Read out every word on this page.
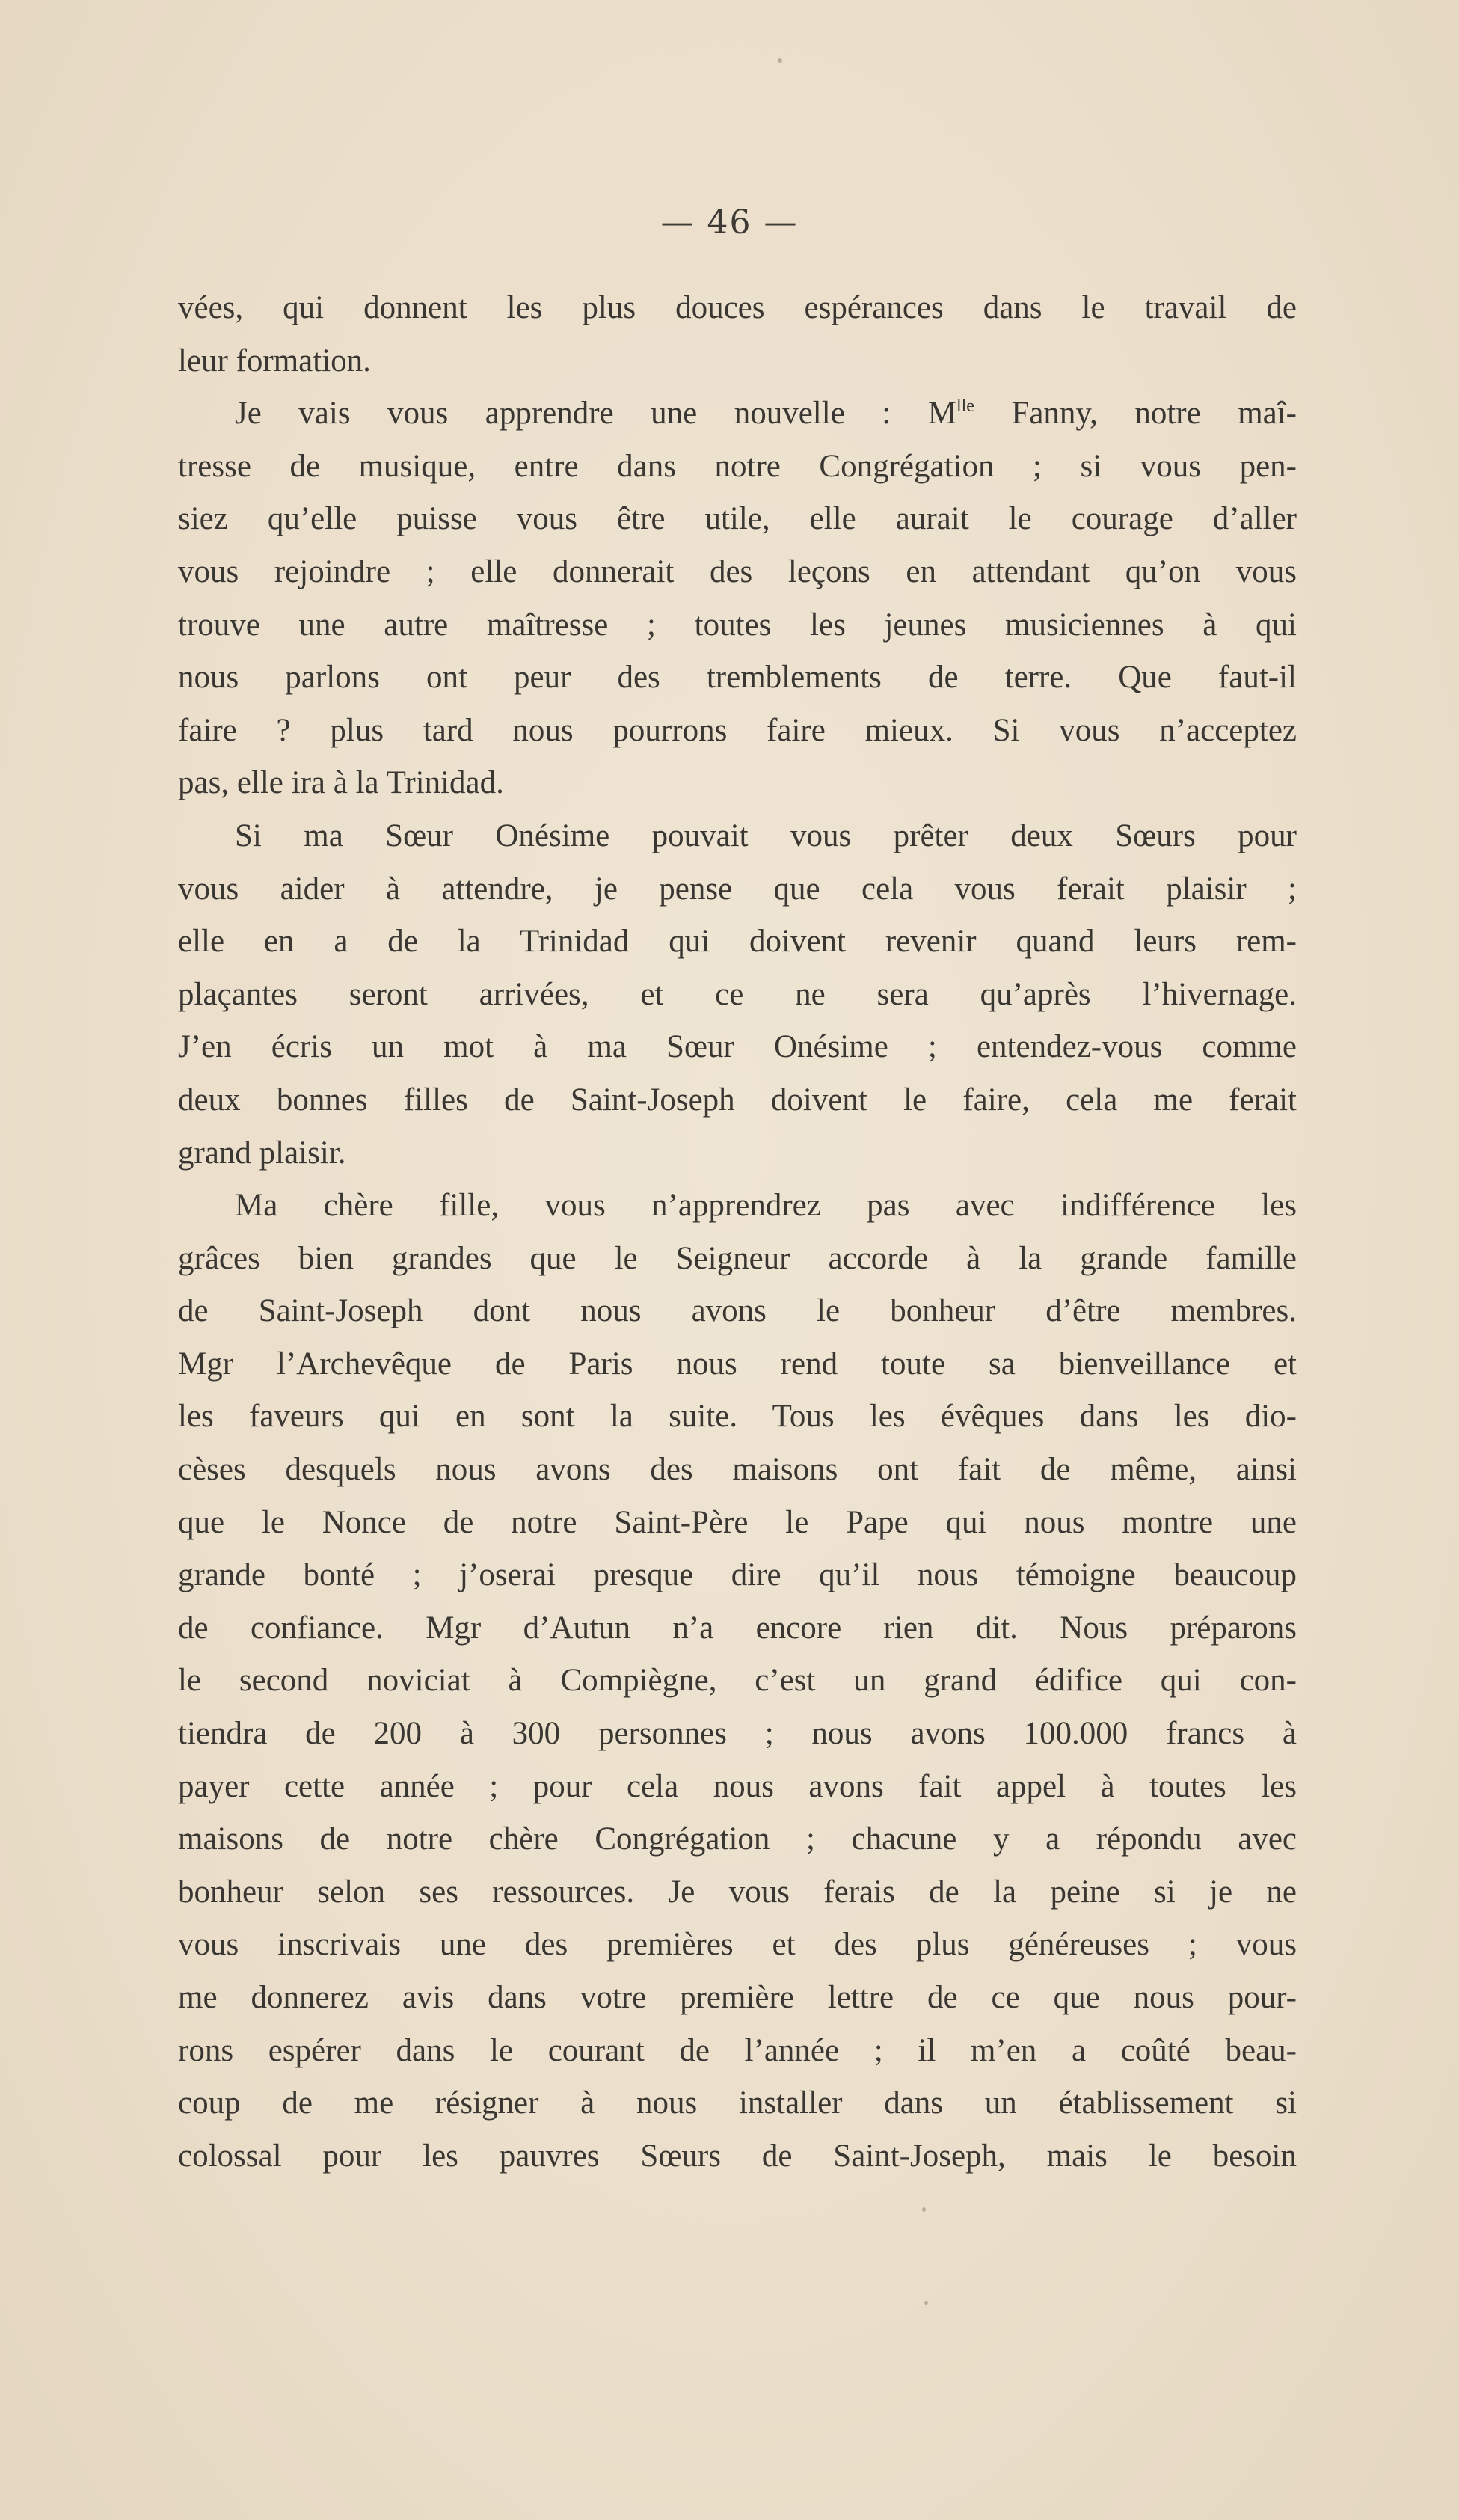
— 46 —
vées, qui donnent les plus douces espérances dans le travail de
leur formation.
Je vais vous apprendre une nouvelle : $M^{lle}$ Fanny, notre maî-
tresse de musique, entre dans notre Congrégation ; si vous pen-
siez qu’elle puisse vous être utile, elle aurait le courage d’aller
vous rejoindre ; elle donnerait des leçons en attendant qu’on vous
trouve une autre maîtresse ; toutes les jeunes musiciennes à qui
nous parlons ont peur des tremblements de terre. Que faut-il
faire ? plus tard nous pourrons faire mieux. Si vous n’acceptez
pas, elle ira à la Trinidad.
Si ma Sœur Onésime pouvait vous prêter deux Sœurs pour
vous aider à attendre, je pense que cela vous ferait plaisir ;
elle en a de la Trinidad qui doivent revenir quand leurs rem-
plaçantes seront arrivées, et ce ne sera qu’après l’hivernage.
J’en écris un mot à ma Sœur Onésime ; entendez-vous comme
deux bonnes filles de Saint-Joseph doivent le faire, cela me ferait
grand plaisir.
Ma chère fille, vous n’apprendrez pas avec indifférence les
grâces bien grandes que le Seigneur accorde à la grande famille
de Saint-Joseph dont nous avons le bonheur d’être membres.
Mgr l’Archevêque de Paris nous rend toute sa bienveillance et
les faveurs qui en sont la suite. Tous les évêques dans les dio-
cèses desquels nous avons des maisons ont fait de même, ainsi
que le Nonce de notre Saint-Père le Pape qui nous montre une
grande bonté ; j’oserai presque dire qu’il nous témoigne beaucoup
de confiance. Mgr d’Autun n’a encore rien dit. Nous préparons
le second noviciat à Compiègne, c’est un grand édifice qui con-
tiendra de 200 à 300 personnes ; nous avons 100.000 francs à
payer cette année ; pour cela nous avons fait appel à toutes les
maisons de notre chère Congrégation ; chacune y a répondu avec
bonheur selon ses ressources. Je vous ferais de la peine si je ne
vous inscrivais une des premières et des plus généreuses ; vous
me donnerez avis dans votre première lettre de ce que nous pour-
rons espérer dans le courant de l’année ; il m’en a coûté beau-
coup de me résigner à nous installer dans un établissement si
colossal pour les pauvres Sœurs de Saint-Joseph, mais le besoin
